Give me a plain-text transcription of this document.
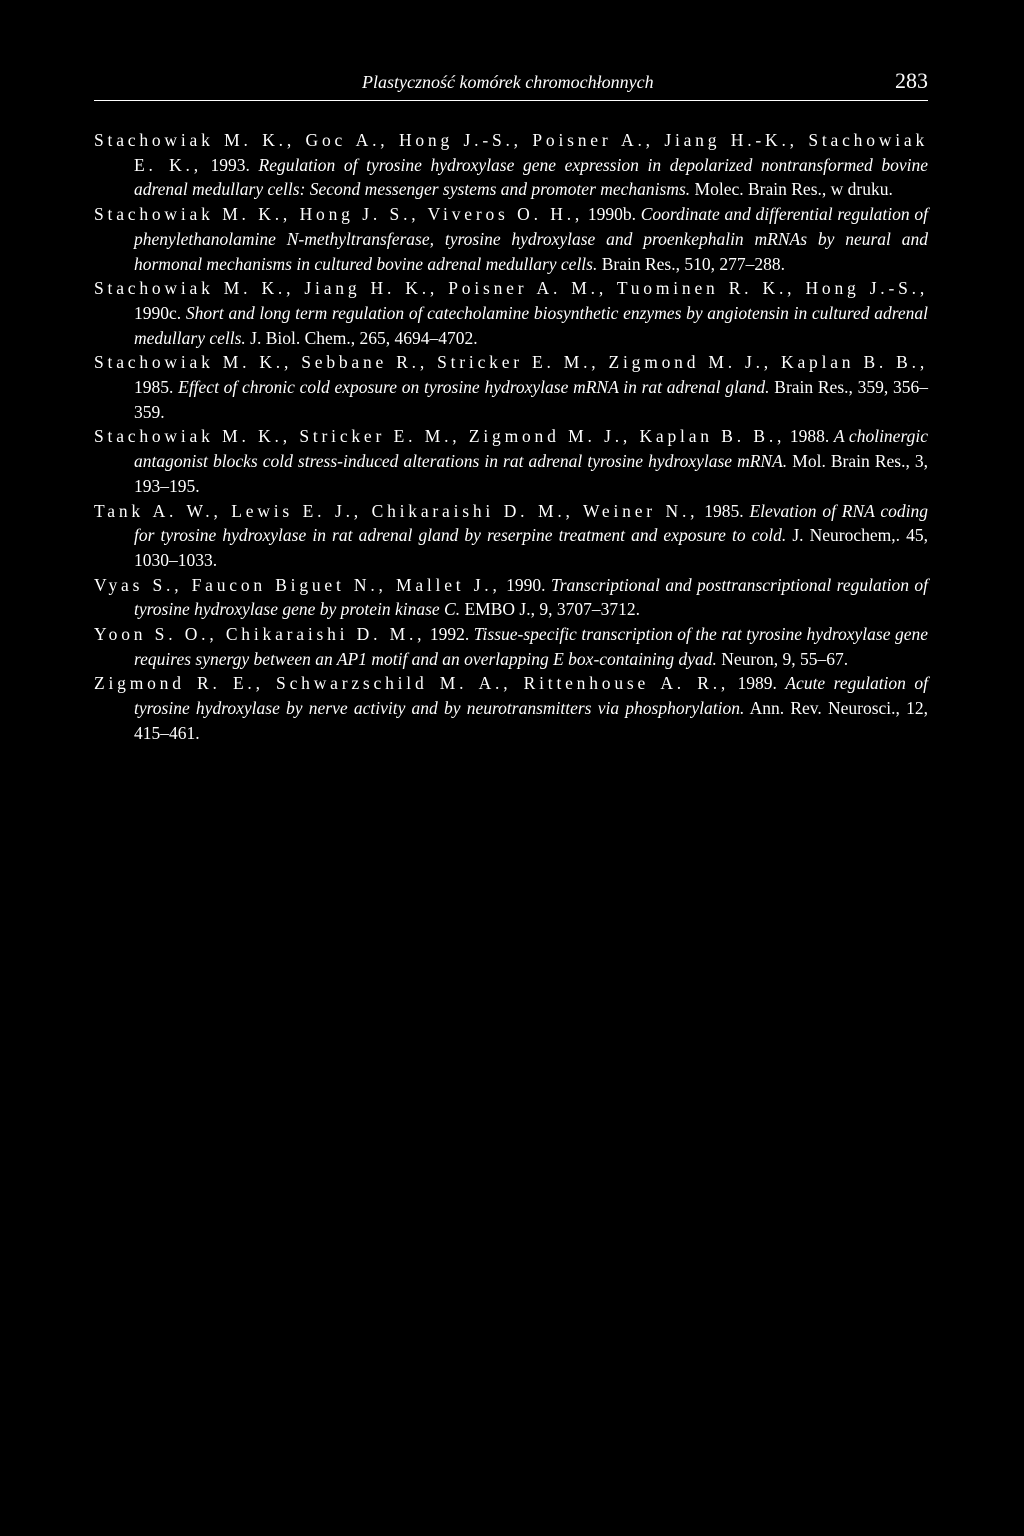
Plastyczność komórek chromochłonnych	283
Stachowiak M. K., Goc A., Hong J.-S., Poisner A., Jiang H.-K., Stachowiak E. K., 1993. Regulation of tyrosine hydroxylase gene expression in depolarized nontransformed bovine adrenal medullary cells: Second messenger systems and promoter mechanisms. Molec. Brain Res., w druku.
Stachowiak M. K., Hong J. S., Viveros O. H., 1990b. Coordinate and differential regulation of phenylethanolamine N-methyltransferase, tyrosine hydroxylase and proenkephalin mRNAs by neural and hormonal mechanisms in cultured bovine adrenal medullary cells. Brain Res., 510, 277–288.
Stachowiak M. K., Jiang H. K., Poisner A. M., Tuominen R. K., Hong J.-S., 1990c. Short and long term regulation of catecholamine biosynthetic enzymes by angiotensin in cultured adrenal medullary cells. J. Biol. Chem., 265, 4694–4702.
Stachowiak M. K., Sebbane R., Stricker E. M., Zigmond M. J., Kaplan B. B., 1985. Effect of chronic cold exposure on tyrosine hydroxylase mRNA in rat adrenal gland. Brain Res., 359, 356–359.
Stachowiak M. K., Stricker E. M., Zigmond M. J., Kaplan B. B., 1988. A cholinergic antagonist blocks cold stress-induced alterations in rat adrenal tyrosine hydroxylase mRNA. Mol. Brain Res., 3, 193–195.
Tank A. W., Lewis E. J., Chikaraishi D. M., Weiner N., 1985. Elevation of RNA coding for tyrosine hydroxylase in rat adrenal gland by reserpine treatment and exposure to cold. J. Neurochem,. 45, 1030–1033.
Vyas S., Faucon Biguet N., Mallet J., 1990. Transcriptional and posttranscriptional regulation of tyrosine hydroxylase gene by protein kinase C. EMBO J., 9, 3707–3712.
Yoon S. O., Chikaraishi D. M., 1992. Tissue-specific transcription of the rat tyrosine hydroxylase gene requires synergy between an AP1 motif and an overlapping E box-containing dyad. Neuron, 9, 55–67.
Zigmond R. E., Schwarzschild M. A., Rittenhouse A. R., 1989. Acute regulation of tyrosine hydroxylase by nerve activity and by neurotransmitters via phosphorylation. Ann. Rev. Neurosci., 12, 415–461.
